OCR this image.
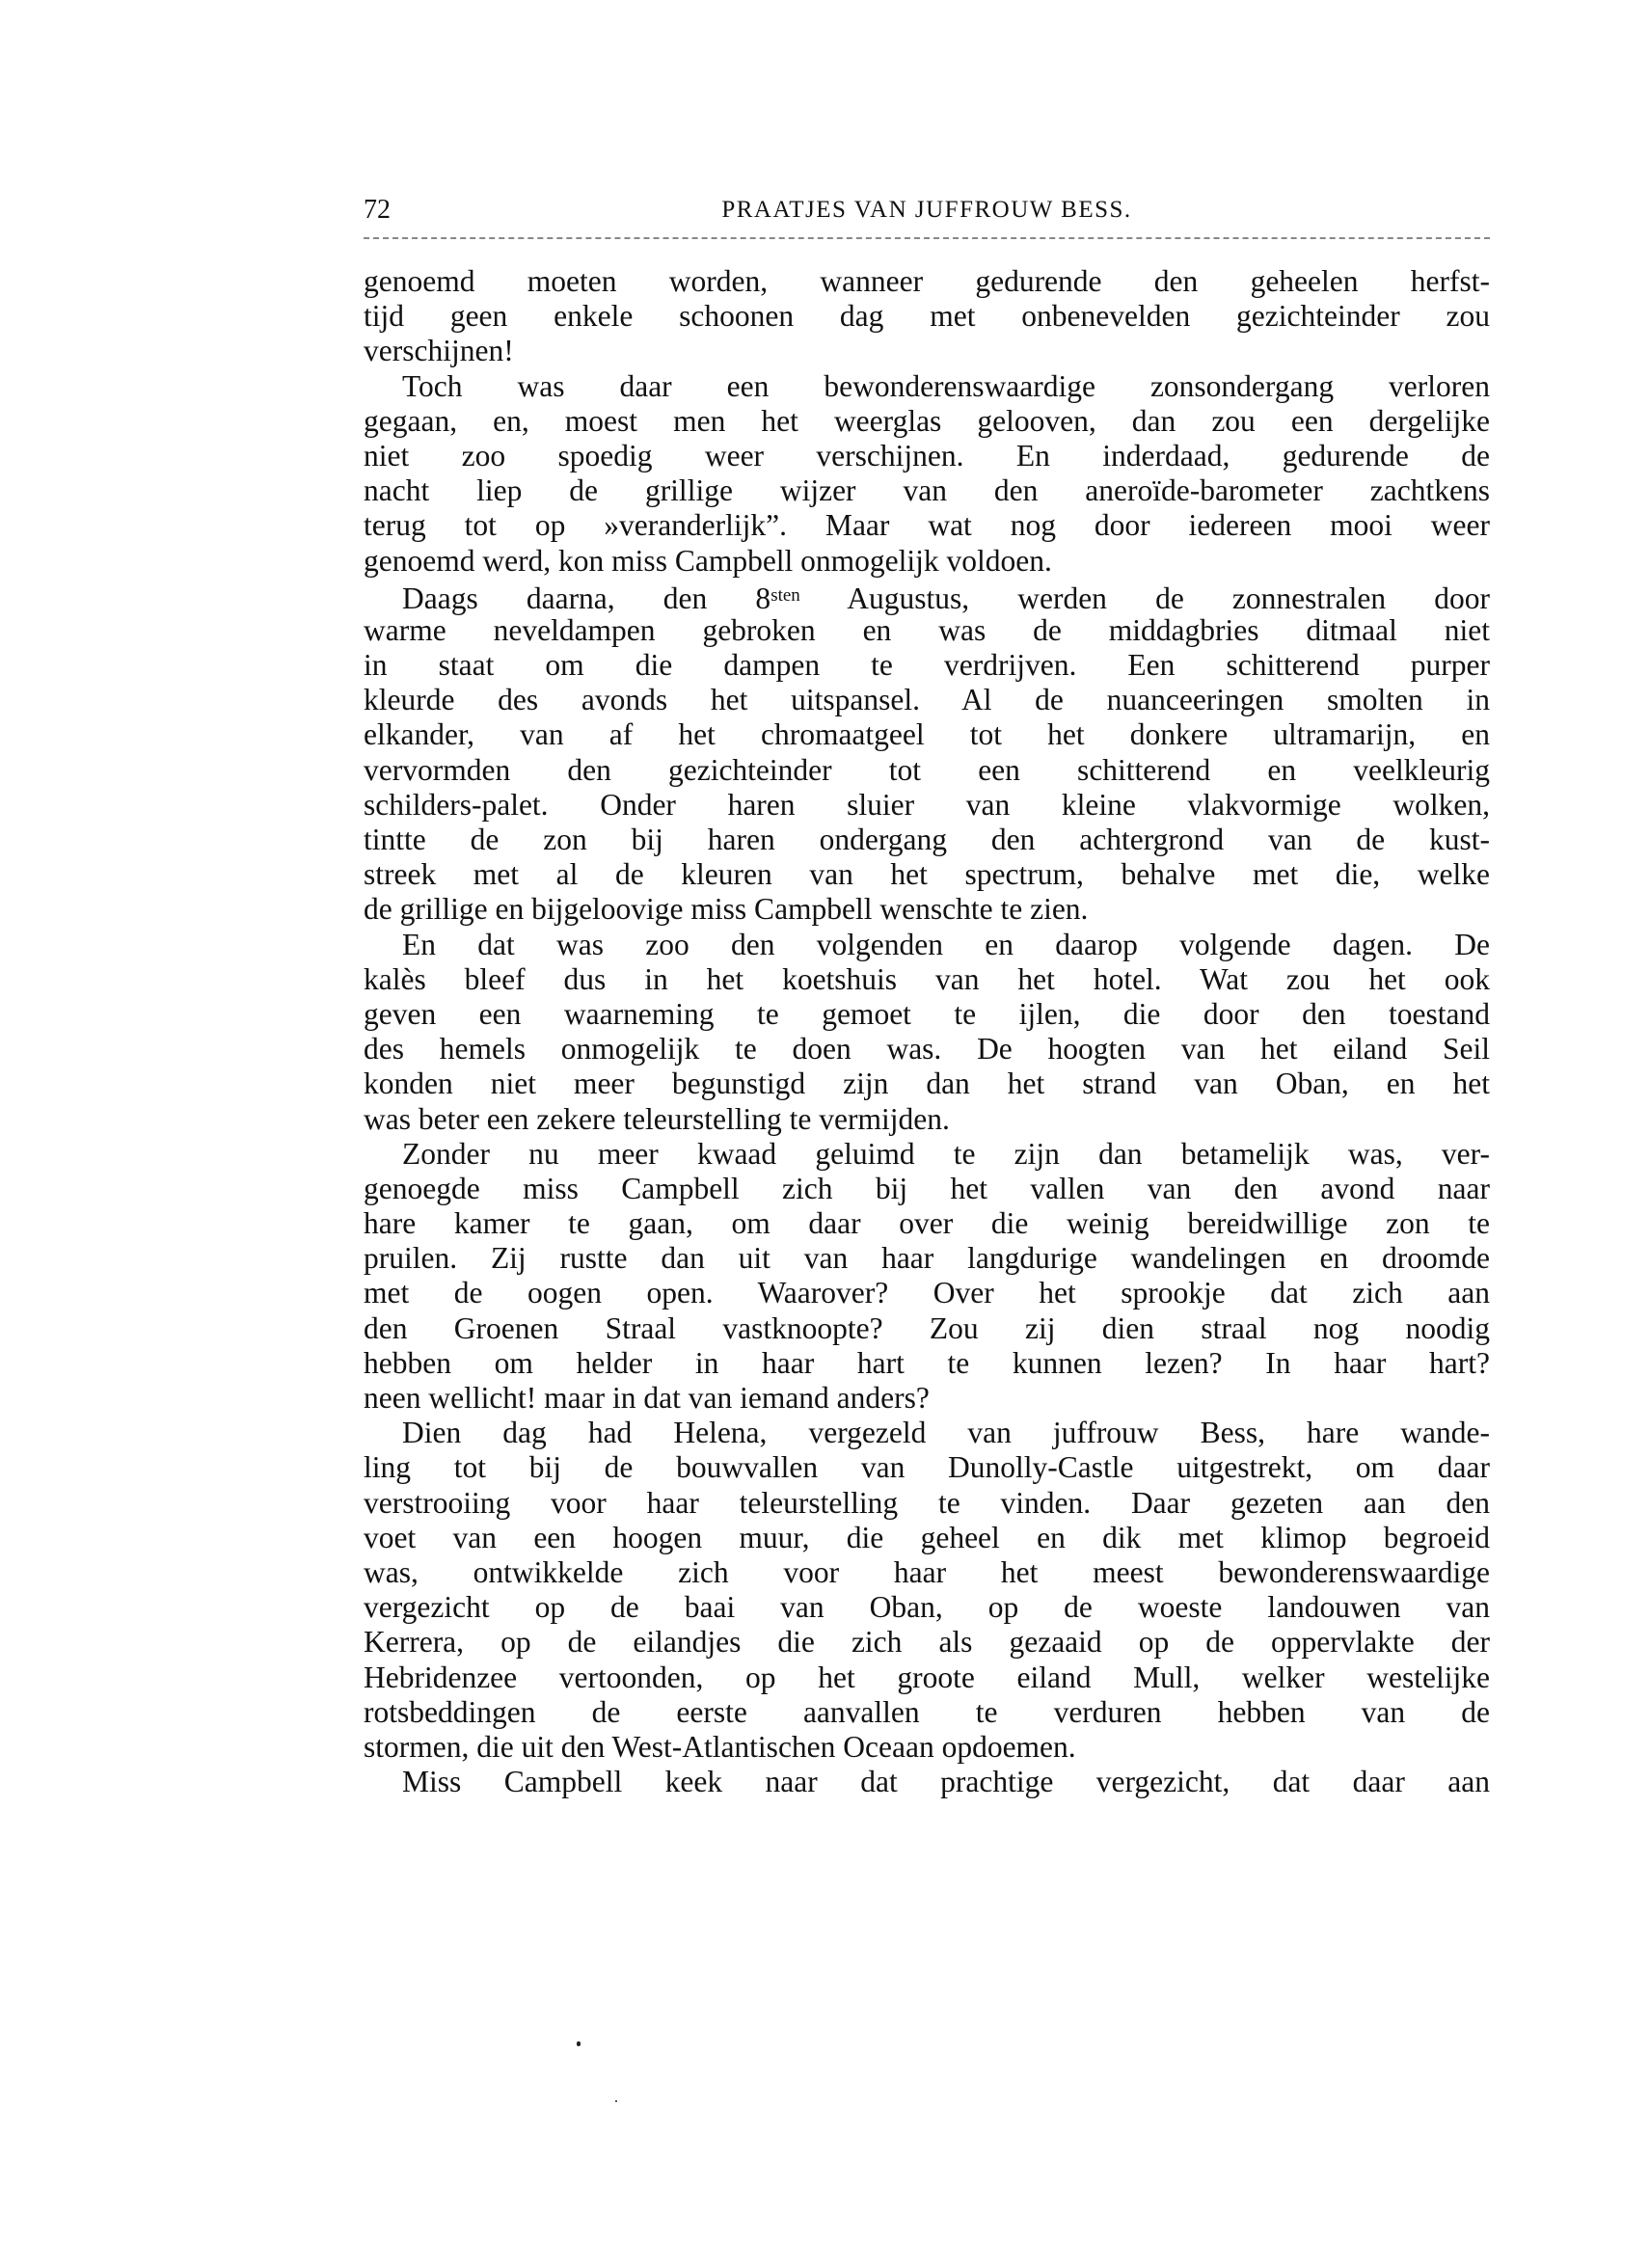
72	PRAATJES VAN JUFFROUW BESS.
genoemd moeten worden, wanneer gedurende den geheelen herfst-
tijd geen enkele schoonen dag met onbenevelden gezichteinder zou
verschijnen!
Toch was daar een bewonderenswaardige zonsondergang verloren
gegaan, en, moest men het weerglas gelooven, dan zou een dergelijke
niet zoo spoedig weer verschijnen. En inderdaad, gedurende de
nacht liep de grillige wijzer van den aneroïde-barometer zachtkens
terug tot op »veranderlijk”. Maar wat nog door iedereen mooi weer
genoemd werd, kon miss Campbell onmogelijk voldoen.
Daags daarna, den $8^{sten}$ Augustus, werden de zonnestralen door
warme neveldampen gebroken en was de middagbries ditmaal niet
in staat om die dampen te verdrijven. Een schitterend purper
kleurde des avonds het uitspansel. Al de nuanceeringen smolten in
elkander, van af het chromaatgeel tot het donkere ultramarijn, en
vervormden den gezichteinder tot een schitterend en veelkleurig
schilders-palet. Onder haren sluier van kleine vlakvormige wolken,
tintte de zon bij haren ondergang den achtergrond van de kust-
streek met al de kleuren van het spectrum, behalve met die, welke
de grillige en bijgeloovige miss Campbell wenschte te zien.
En dat was zoo den volgenden en daarop volgende dagen. De
kalès bleef dus in het koetshuis van het hotel. Wat zou het ook
geven een waarneming te gemoet te ijlen, die door den toestand
des hemels onmogelijk te doen was. De hoogten van het eiland Seil
konden niet meer begunstigd zijn dan het strand van Oban, en het
was beter een zekere teleurstelling te vermijden.
Zonder nu meer kwaad geluimd te zijn dan betamelijk was, ver-
genoegde miss Campbell zich bij het vallen van den avond naar
hare kamer te gaan, om daar over die weinig bereidwillige zon te
pruilen. Zij rustte dan uit van haar langdurige wandelingen en droomde
met de oogen open. Waarover? Over het sprookje dat zich aan
den Groenen Straal vastknoopte? Zou zij dien straal nog noodig
hebben om helder in haar hart te kunnen lezen? In haar hart?
neen wellicht! maar in dat van iemand anders?
Dien dag had Helena, vergezeld van juffrouw Bess, hare wande-
ling tot bij de bouwvallen van Dunolly-Castle uitgestrekt, om daar
verstrooiing voor haar teleurstelling te vinden. Daar gezeten aan den
voet van een hoogen muur, die geheel en dik met klimop begroeid
was, ontwikkelde zich voor haar het meest bewonderenswaardige
vergezicht op de baai van Oban, op de woeste landouwen van
Kerrera, op de eilandjes die zich als gezaaid op de oppervlakte der
Hebridenzee vertoonden, op het groote eiland Mull, welker westelijke
rotsbeddingen de eerste aanvallen te verduren hebben van de
stormen, die uit den West-Atlantischen Oceaan opdoemen.
Miss Campbell keek naar dat prachtige vergezicht, dat daar aan
